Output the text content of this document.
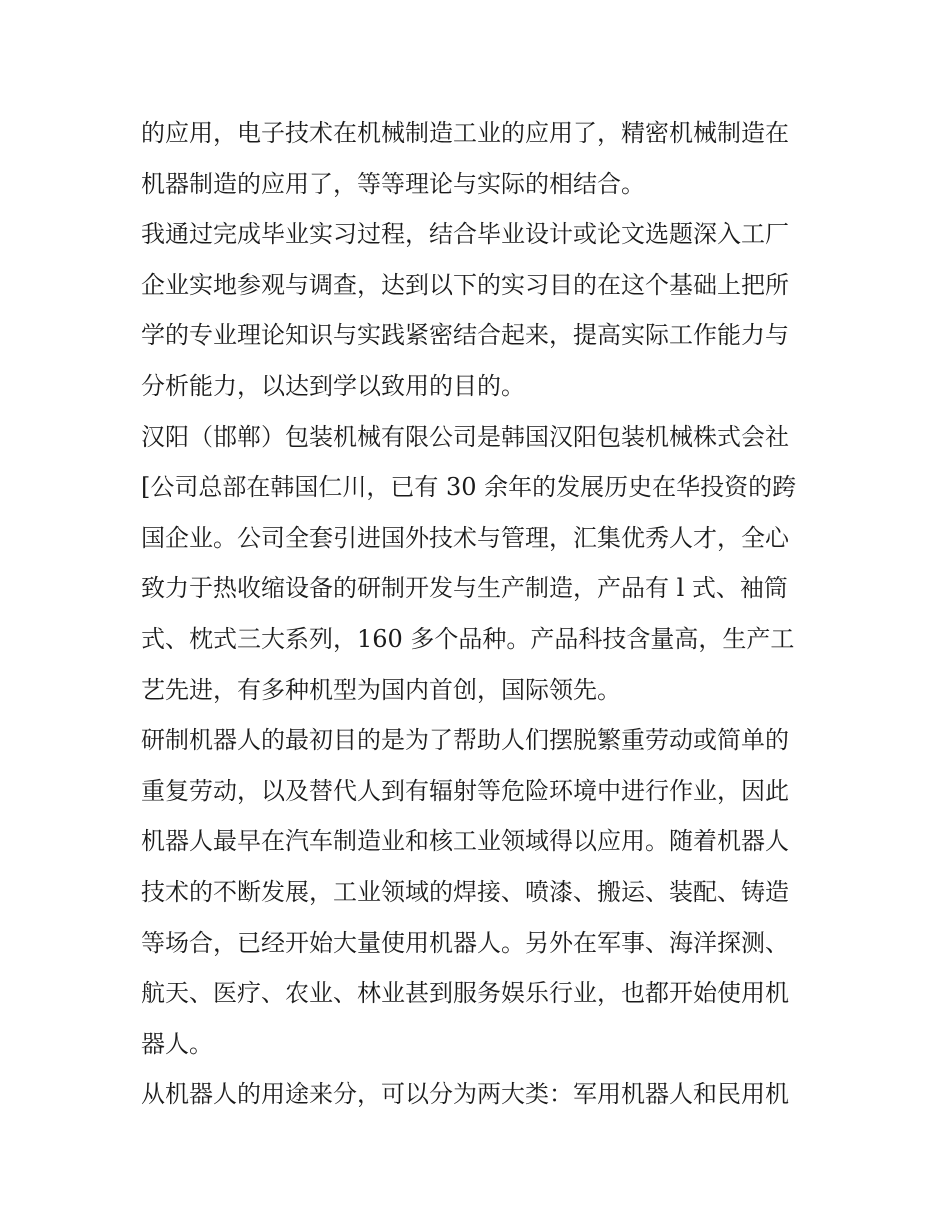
的应用，电子技术在机械制造工业的应用了，精密机械制造在
机器制造的应用了，等等理论与实际的相结合。
我通过完成毕业实习过程，结合毕业设计或论文选题深入工厂
企业实地参观与调查，达到以下的实习目的在这个基础上把所
学的专业理论知识与实践紧密结合起来，提高实际工作能力与
分析能力，以达到学以致用的目的。
汉阳（邯郸）包装机械有限公司是韩国汉阳包装机械株式会社
[公司总部在韩国仁川，已有 30 余年的发展历史在华投资的跨
国企业。公司全套引进国外技术与管理，汇集优秀人才，全心
致力于热收缩设备的研制开发与生产制造，产品有 l 式、袖筒
式、枕式三大系列，160 多个品种。产品科技含量高，生产工
艺先进，有多种机型为国内首创，国际领先。
研制机器人的最初目的是为了帮助人们摆脱繁重劳动或简单的
重复劳动，以及替代人到有辐射等危险环境中进行作业，因此
机器人最早在汽车制造业和核工业领域得以应用。随着机器人
技术的不断发展，工业领域的焊接、喷漆、搬运、装配、铸造
等场合，已经开始大量使用机器人。另外在军事、海洋探测、
航天、医疗、农业、林业甚到服务娱乐行业，也都开始使用机
器人。
从机器人的用途来分，可以分为两大类：军用机器人和民用机
